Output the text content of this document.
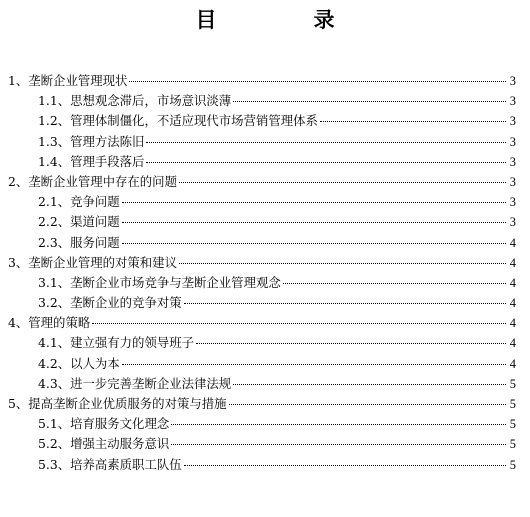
目　录
1、 垄断企业管理现状	3
1.1、 思想观念滞后，市场意识淡薄	3
1.2、 管理体制僵化，不适应现代市场营销管理体系	3
1.3、 管理方法陈旧	3
1.4、 管理手段落后	3
2、 垄断企业管理中存在的问题	3
2.1、 竞争问题	3
2.2、 渠道问题	3
2.3、 服务问题	4
3、 垄断企业管理的对策和建议	4
3.1、 垄断企业市场竞争与垄断企业管理观念	4
3.2、 垄断企业的竞争对策	4
4、 管理的策略	4
4.1、 建立强有力的领导班子	4
4.2、 以人为本	4
4.3、 进一步完善垄断企业法律法规	5
5、 提高垄断企业优质服务的对策与措施	5
5.1、 培育服务文化理念	5
5.2、 增强主动服务意识	5
5.3、 培养高素质职工队伍	5
